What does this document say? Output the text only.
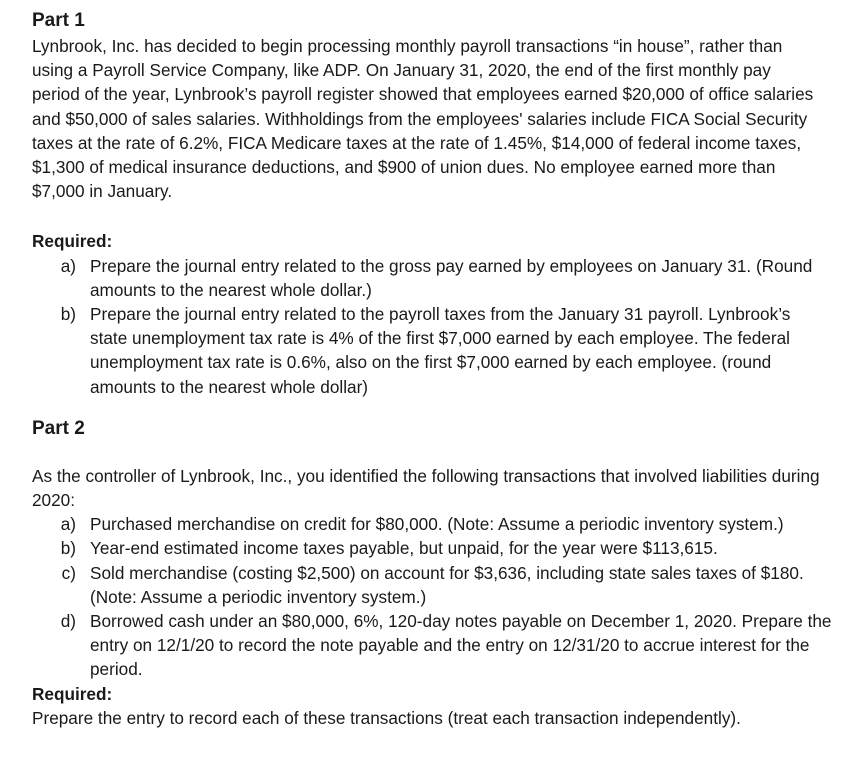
Part 1

Lynbrook, Inc. has decided to begin processing monthly payroll transactions “in house”, rather than using a Payroll Service Company, like ADP. On January 31, 2020, the end of the first monthly pay period of the year, Lynbrook’s payroll register showed that employees earned $20,000 of office salaries and $50,000 of sales salaries. Withholdings from the employees' salaries include FICA Social Security taxes at the rate of 6.2%, FICA Medicare taxes at the rate of 1.45%, $14,000 of federal income taxes, $1,300 of medical insurance deductions, and $900 of union dues. No employee earned more than $7,000 in January.

Required:

a) Prepare the journal entry related to the gross pay earned by employees on January 31. (Round amounts to the nearest whole dollar.)
b) Prepare the journal entry related to the payroll taxes from the January 31 payroll. Lynbrook’s state unemployment tax rate is 4% of the first $7,000 earned by each employee. The federal unemployment tax rate is 0.6%, also on the first $7,000 earned by each employee. (round amounts to the nearest whole dollar)
Part 2

As the controller of Lynbrook, Inc., you identified the following transactions that involved liabilities during 2020:

a) Purchased merchandise on credit for $80,000. (Note: Assume a periodic inventory system.)
b) Year-end estimated income taxes payable, but unpaid, for the year were $113,615.
c) Sold merchandise (costing $2,500) on account for $3,636, including state sales taxes of $180. (Note: Assume a periodic inventory system.)
d) Borrowed cash under an $80,000, 6%, 120-day notes payable on December 1, 2020. Prepare the entry on 12/1/20 to record the note payable and the entry on 12/31/20 to accrue interest for the period.

Required:

Prepare the entry to record each of these transactions (treat each transaction independently).
